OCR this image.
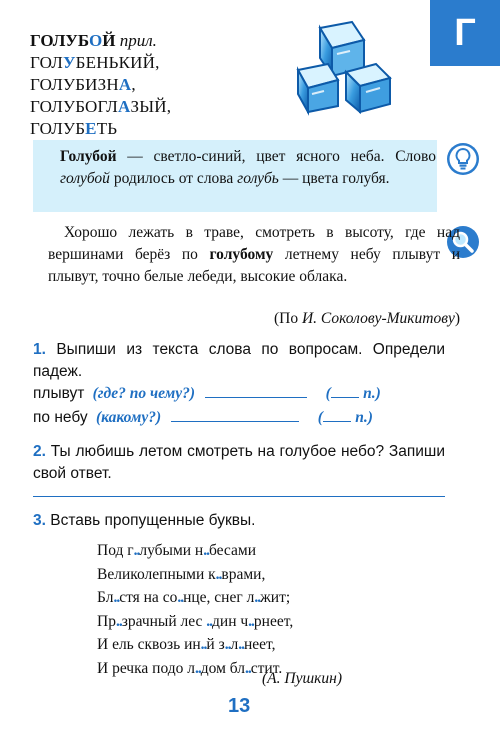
Г
ГОЛУБОЙ прил.
ГОЛУБЕНЬКИЙ,
ГОЛУБИЗНА,
ГОЛУБОГЛАЗЫЙ,
ГОЛУБЕТЬ
Голубой — светло-синий, цвет ясного неба. Слово голубой родилось от слова голубь — цвета голубя.
Хорошо лежать в траве, смотреть в высоту, где над вершинами берёз по голубому летнему небу плывут и плывут, точно белые лебеди, высокие облака.
(По И. Соколову-Микитову)
1. Выпиши из текста слова по вопросам. Определи падеж.
плывут (где? по чему?)	( п.)
по небу (какому?)	( п.)
2. Ты любишь летом смотреть на голубое небо? Запиши свой ответ.
3. Вставь пропущенные буквы.
Под г..лубыми н..бесами
Великолепными к..врами,
Бл..стя на со..нце, снег л..жит;
Пр..зрачный лес ..дин ч..рнеет,
И ель сквозь ин..й з..л..неет,
И речка подо л..дом бл..стит.
(А. Пушкин)
13
